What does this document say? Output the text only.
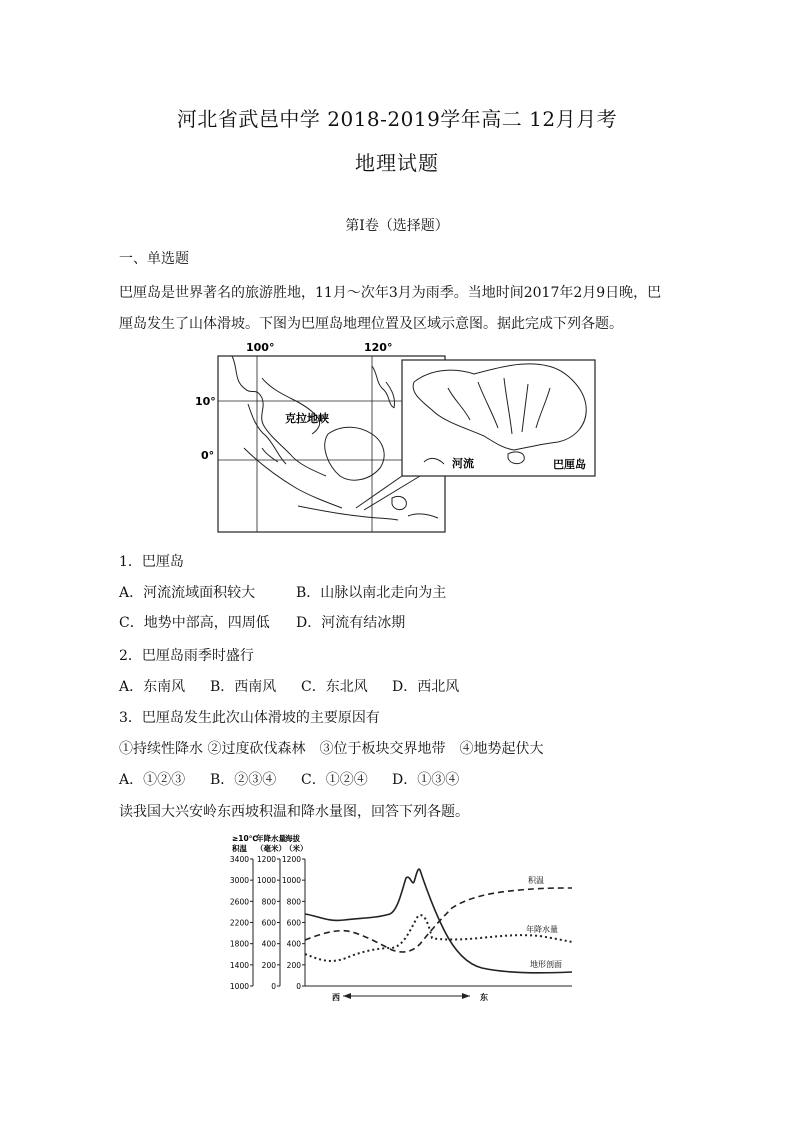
河北省武邑中学 2018-2019学年高二 12月月考
地理试题
第Ⅰ卷（选择题）
一、单选题
巴厘岛是世界著名的旅游胜地，11月～次年3月为雨季。当地时间2017年2月9日晚，巴
厘岛发生了山体滑坡。下图为巴厘岛地理位置及区域示意图。据此完成下列各题。
100°	120°
10°
0°
克拉地峡
河流	巴厘岛
1．巴厘岛
A．河流流域面积较大	B．山脉以南北走向为主
C．地势中部高，四周低 D．河流有结冰期
2．巴厘岛雨季时盛行
A．东南风 B．西南风 C．东北风 D．西北风
3．巴厘岛发生此次山体滑坡的主要原因有
①持续性降水 ②过度砍伐森林　③位于板块交界地带　④地势起伏大
A．①②③ B．②③④ C．①②④ D．①③④
读我国大兴安岭东西坡积温和降水量图，回答下列各题。
≥10℃
积温
年降水量
（毫米）
海拔
（米）
1000
1400
1800
2200
2600
3000
3400
0
200
400
600
800
1000
1200
0
200
400
600
800
1000
1200
积温
年降水量
地形剖面
西	东
